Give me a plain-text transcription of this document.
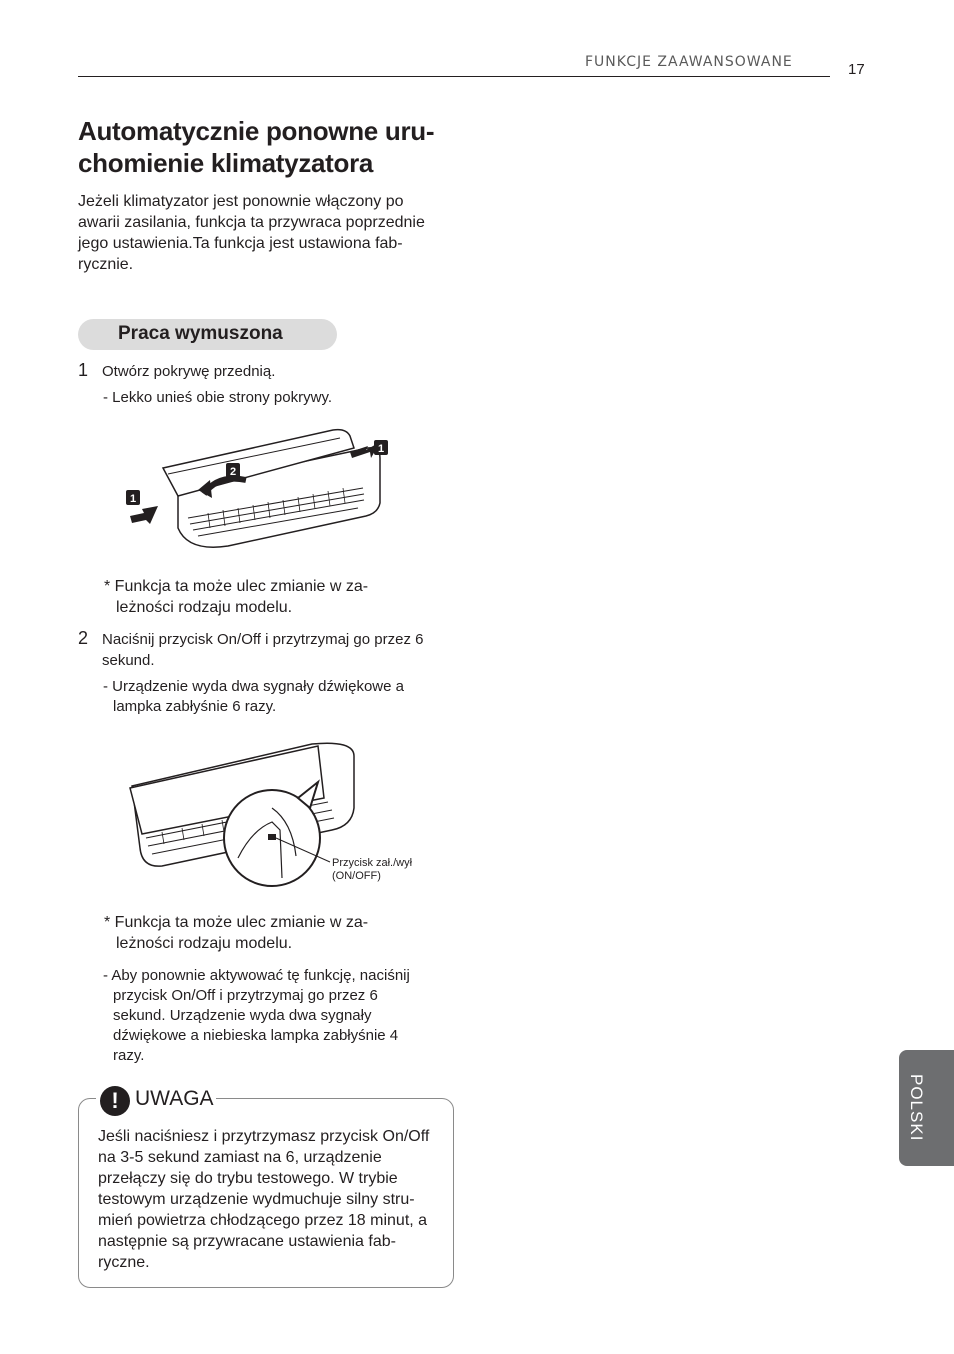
FUNKCJE ZAAWANSOWANE	17
Automatycznie ponowne uru-
chomienie klimatyzatora

Jeżeli klimatyzator jest ponownie włączony po
awarii zasilania, funkcja ta przywraca poprzednie
jego ustawienia.Ta funkcja jest ustawiona fab-
rycznie.

Praca wymuszona
1 Otwórz pokrywę przednią.
- Lekko unieś obie strony pokrywy.
1
2
1
* Funkcja ta może ulec zmianie w za-
leżności rodzaju modelu.
2 Naciśnij przycisk On/Off i przytrzymaj go przez 6
sekund.
- Urządzenie wyda dwa sygnały dźwiękowe a
lampka zabłyśnie 6 razy.
Przycisk zał./wył
(ON/OFF)
* Funkcja ta może ulec zmianie w za-
leżności rodzaju modelu.
- Aby ponownie aktywować tę funkcję, naciśnij
przycisk On/Off i przytrzymaj go przez 6
sekund. Urządzenie wyda dwa sygnały
dźwiękowe a niebieska lampka zabłyśnie 4
razy.
! UWAGA
Jeśli naciśniesz i przytrzymasz przycisk On/Off
na 3-5 sekund zamiast na 6, urządzenie
przełączy się do trybu testowego. W trybie
testowym urządzenie wydmuchuje silny stru-
mień powietrza chłodzącego przez 18 minut, a
następnie są przywracane ustawienia fab-
ryczne.
POLSKI
